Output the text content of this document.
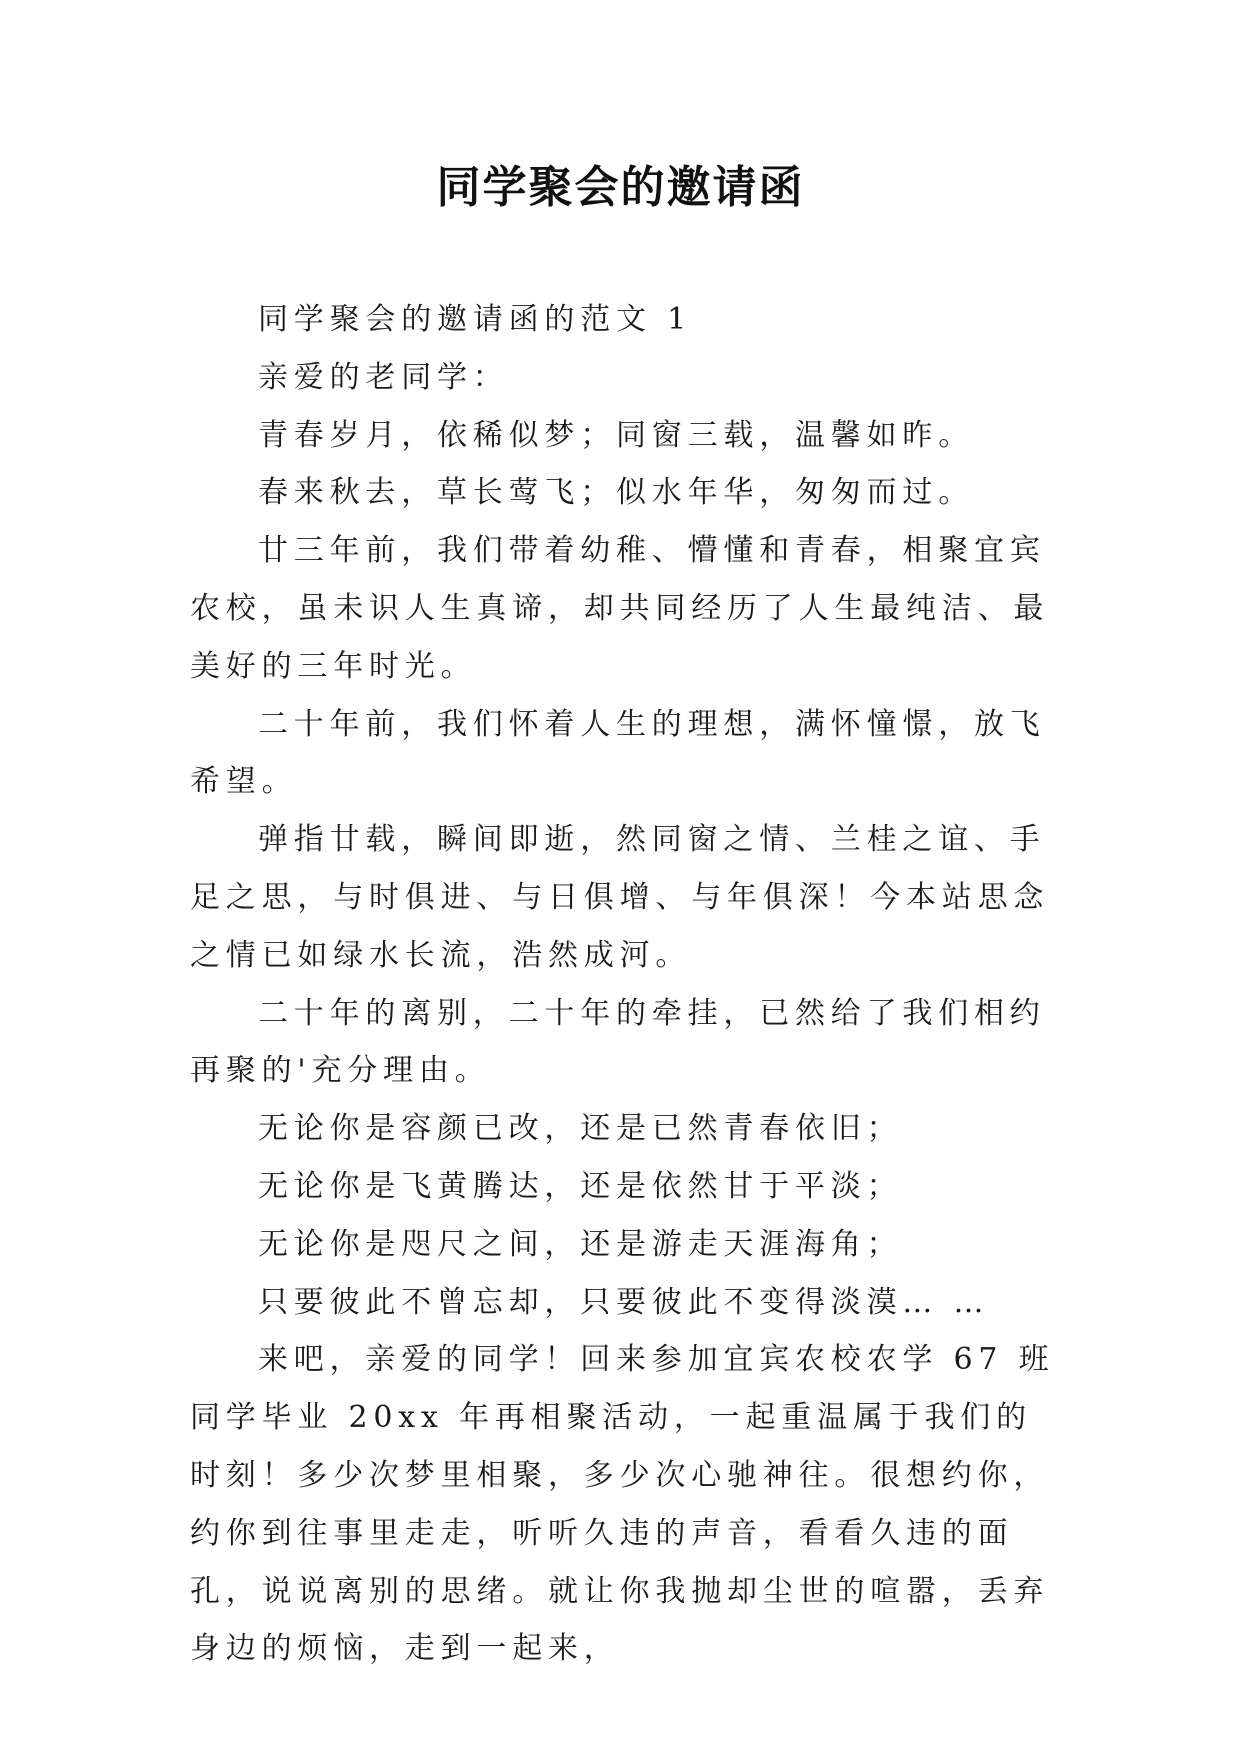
同学聚会的邀请函

同学聚会的邀请函的范文 1

亲爱的老同学：

青春岁月，依稀似梦；同窗三载，温馨如昨。

春来秋去，草长莺飞；似水年华，匆匆而过。

廿三年前，我们带着幼稚、懵懂和青春，相聚宜宾农校，虽未识人生真谛，却共同经历了人生最纯洁、最美好的三年时光。

二十年前，我们怀着人生的理想，满怀憧憬，放飞希望。

弹指廿载，瞬间即逝，然同窗之情、兰桂之谊、手足之思，与时俱进、与日俱增、与年俱深！今本站思念之情已如绿水长流，浩然成河。

二十年的离别，二十年的牵挂，已然给了我们相约再聚的'充分理由。

无论你是容颜已改，还是已然青春依旧；

无论你是飞黄腾达，还是依然甘于平淡；

无论你是咫尺之间，还是游走天涯海角；

只要彼此不曾忘却，只要彼此不变得淡漠… …

来吧，亲爱的同学！回来参加宜宾农校农学 67 班同学毕业 20xx 年再相聚活动，一起重温属于我们的时刻！多少次梦里相聚，多少次心驰神往。很想约你，约你到往事里走走，听听久违的声音，看看久违的面孔，说说离别的思绪。就让你我抛却尘世的喧嚣，丢弃身边的烦恼，走到一起来，
